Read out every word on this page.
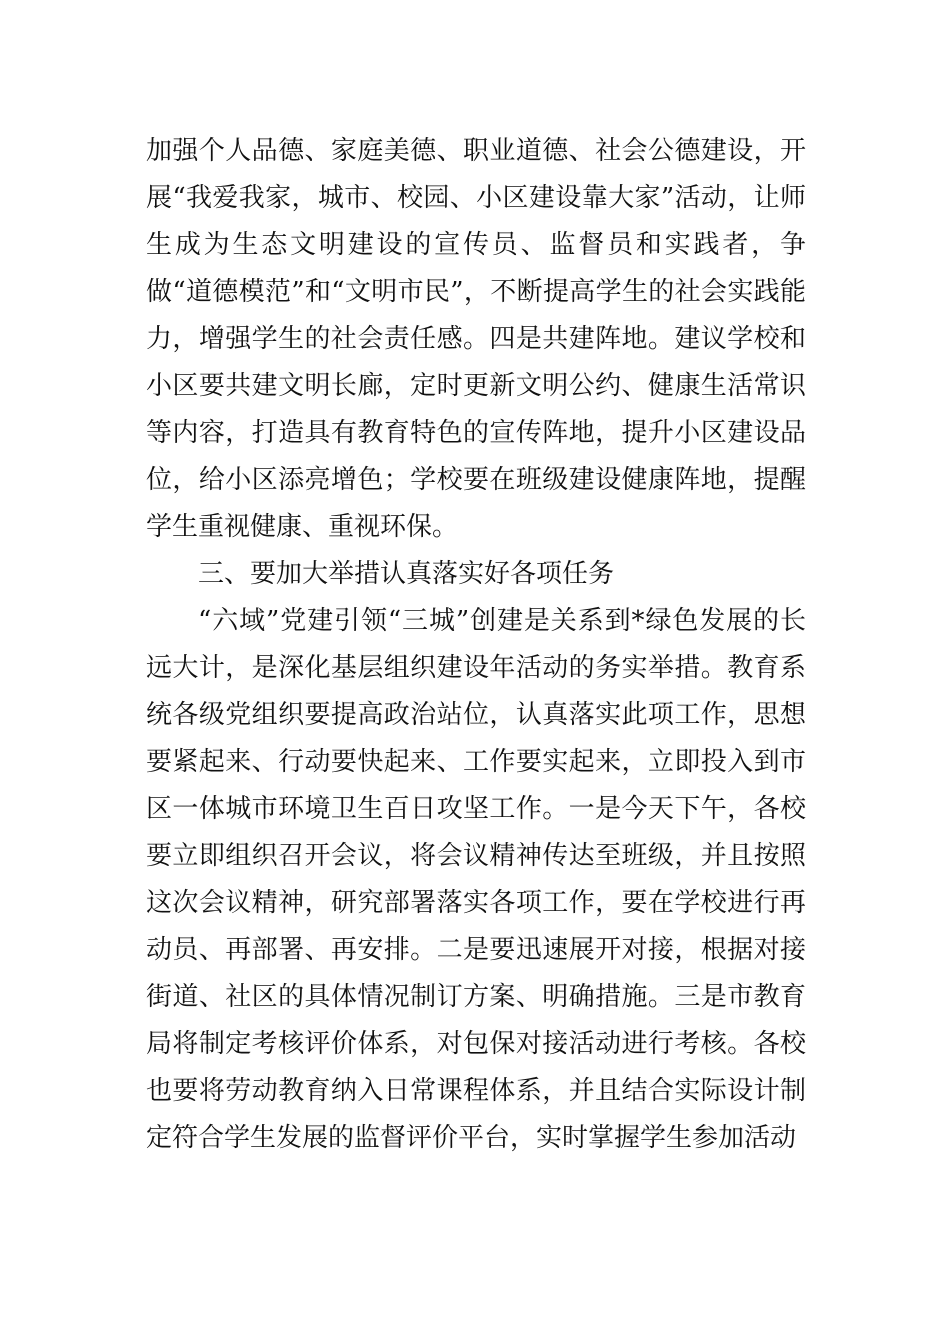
加强个人品德、家庭美德、职业道德、社会公德建设，开展“我爱我家，城市、校园、小区建设靠大家”活动，让师生成为生态文明建设的宣传员、监督员和实践者，争做“道德模范”和“文明市民”，不断提高学生的社会实践能力，增强学生的社会责任感。四是共建阵地。建议学校和小区要共建文明长廊，定时更新文明公约、健康生活常识等内容，打造具有教育特色的宣传阵地，提升小区建设品位，给小区添亮增色；学校要在班级建设健康阵地，提醒学生重视健康、重视环保。

三、要加大举措认真落实好各项任务

“六域”党建引领“三城”创建是关系到*绿色发展的长远大计，是深化基层组织建设年活动的务实举措。教育系统各级党组织要提高政治站位，认真落实此项工作，思想要紧起来、行动要快起来、工作要实起来，立即投入到市区一体城市环境卫生百日攻坚工作。一是今天下午，各校要立即组织召开会议，将会议精神传达至班级，并且按照这次会议精神，研究部署落实各项工作，要在学校进行再动员、再部署、再安排。二是要迅速展开对接，根据对接街道、社区的具体情况制订方案、明确措施。三是市教育局将制定考核评价体系，对包保对接活动进行考核。各校也要将劳动教育纳入日常课程体系，并且结合实际设计制定符合学生发展的监督评价平台，实时掌握学生参加活动
